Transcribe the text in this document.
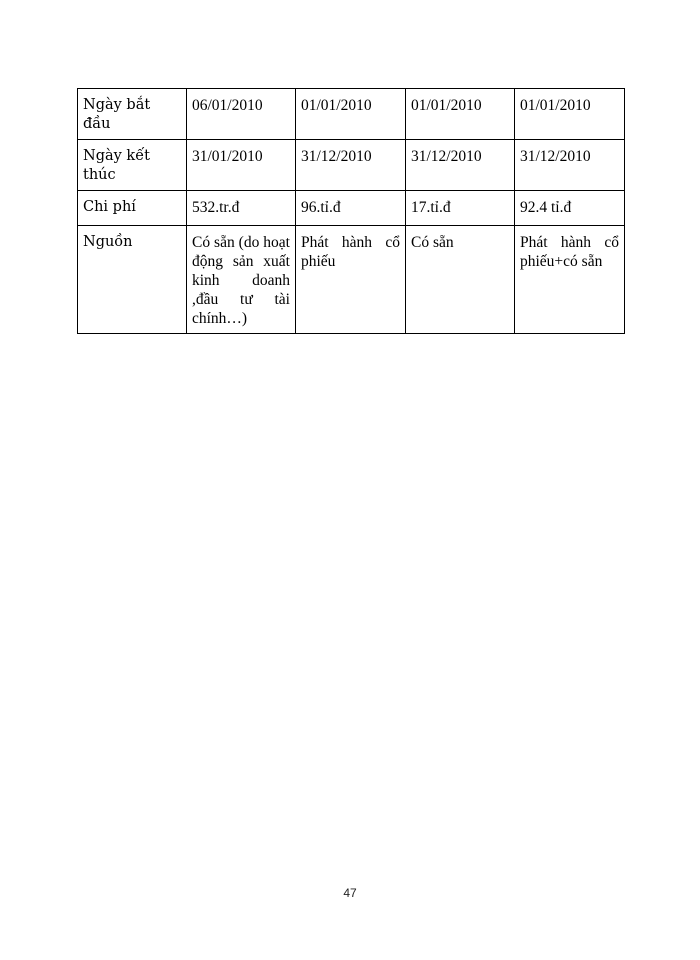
Ngày bắt đầu	06/01/2010	01/01/2010	01/01/2010	01/01/2010
Ngày kết thúc	31/01/2010	31/12/2010	31/12/2010	31/12/2010
Chi phí	532.tr.đ	96.tỉ.đ	17.tỉ.đ	92.4 tỉ.đ
Nguồn	Có sẵn (do hoạt động sản xuất kinh doanh ,đầu tư tài chính…)	Phát hành cổ phiếu	Có sẵn	Phát hành cổ phiếu+có sẵn
47
